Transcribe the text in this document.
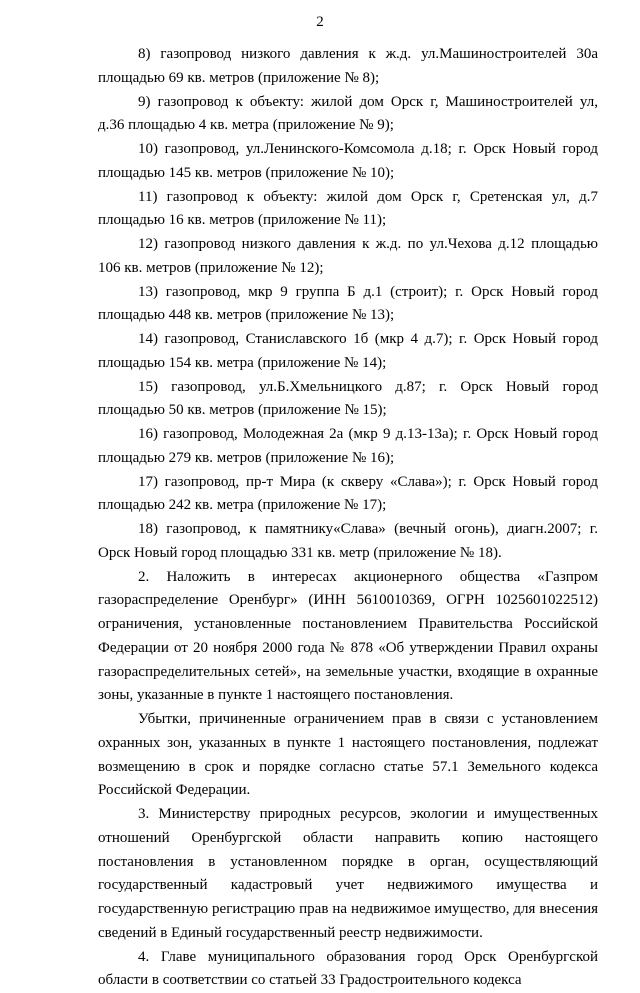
2

8) газопровод низкого давления к ж.д. ул.Машиностроителей 30а площадью 69 кв. метров (приложение № 8);

9) газопровод к объекту: жилой дом Орск г, Машиностроителей ул, д.36 площадью 4 кв. метра (приложение № 9);

10) газопровод, ул.Ленинского-Комсомола д.18; г. Орск Новый город площадью 145 кв. метров (приложение № 10);

11) газопровод к объекту: жилой дом Орск г, Сретенская ул, д.7 площадью 16 кв. метров (приложение № 11);

12) газопровод низкого давления к ж.д. по ул.Чехова д.12 площадью 106 кв. метров (приложение № 12);

13) газопровод, мкр 9 группа Б д.1 (строит); г. Орск Новый город площадью 448 кв. метров (приложение № 13);

14) газопровод, Станиславского 1б (мкр 4 д.7); г. Орск Новый город площадью 154 кв. метра (приложение № 14);

15) газопровод, ул.Б.Хмельницкого д.87; г. Орск Новый город площадью 50 кв. метров (приложение № 15);

16) газопровод, Молодежная 2а (мкр 9 д.13-13а); г. Орск Новый город площадью 279 кв. метров (приложение № 16);

17) газопровод, пр-т Мира (к скверу «Слава»); г. Орск Новый город площадью 242 кв. метра (приложение № 17);

18) газопровод, к памятнику«Слава» (вечный огонь), диагн.2007; г. Орск Новый город площадью 331 кв. метр (приложение № 18).

2. Наложить в интересах акционерного общества «Газпром газораспределение Оренбург» (ИНН 5610010369, ОГРН 1025601022512) ограничения, установленные постановлением Правительства Российской Федерации от 20 ноября 2000 года № 878 «Об утверждении Правил охраны газораспределительных сетей», на земельные участки, входящие в охранные зоны, указанные в пункте 1 настоящего постановления.

Убытки, причиненные ограничением прав в связи с установлением охранных зон, указанных в пункте 1 настоящего постановления, подлежат возмещению в срок и порядке согласно статье 57.1 Земельного кодекса Российской Федерации.

3. Министерству природных ресурсов, экологии и имущественных отношений Оренбургской области направить копию настоящего постановления в установленном порядке в орган, осуществляющий государственный кадастровый учет недвижимого имущества и государственную регистрацию прав на недвижимое имущество, для внесения сведений в Единый государственный реестр недвижимости.

4. Главе муниципального образования город Орск Оренбургской области в соответствии со статьей 33 Градостроительного кодекса
